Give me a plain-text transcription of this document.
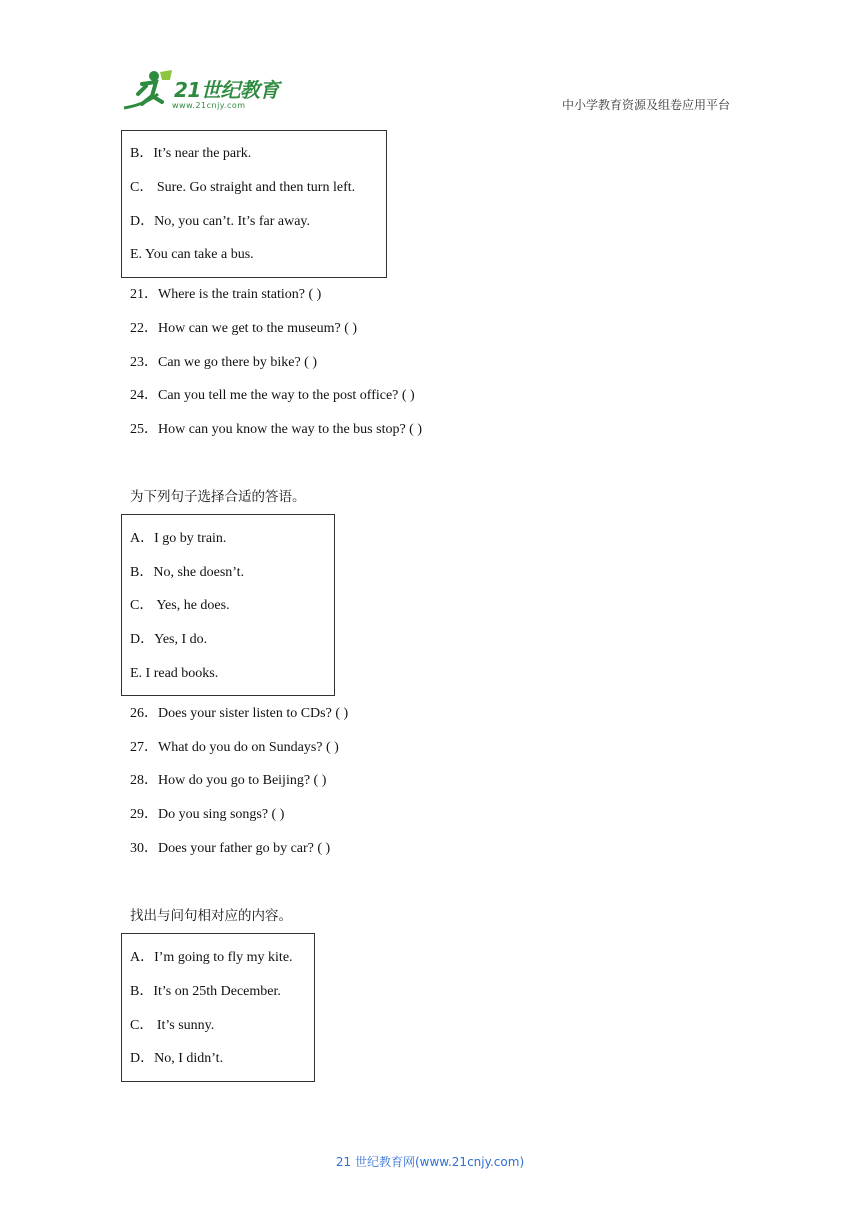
21世纪教育
www.21cnjy.com	中小学教育资源及组卷应用平台
B．It’s near the park.
C． Sure. Go straight and then turn left.
D．No, you can’t. It’s far away.
E. You can take a bus.
21．Where is the train station? ( )
22．How can we get to the museum? ( )
23．Can we go there by bike? ( )
24．Can you tell me the way to the post office? ( )
25．How can you know the way to the bus stop? ( )
为下列句子选择合适的答语。
A．I go by train.
B．No, she doesn’t.
C． Yes, he does.
D．Yes, I do.
E. I read books.
26．Does your sister listen to CDs? ( )
27．What do you do on Sundays? ( )
28．How do you go to Beijing? ( )
29．Do you sing songs? ( )
30．Does your father go by car? ( )
找出与问句相对应的内容。
A．I’m going to fly my kite.
B．It’s on 25th December.
C． It’s sunny.
D．No, I didn’t.
21 世纪教育网(www.21cnjy.com)
